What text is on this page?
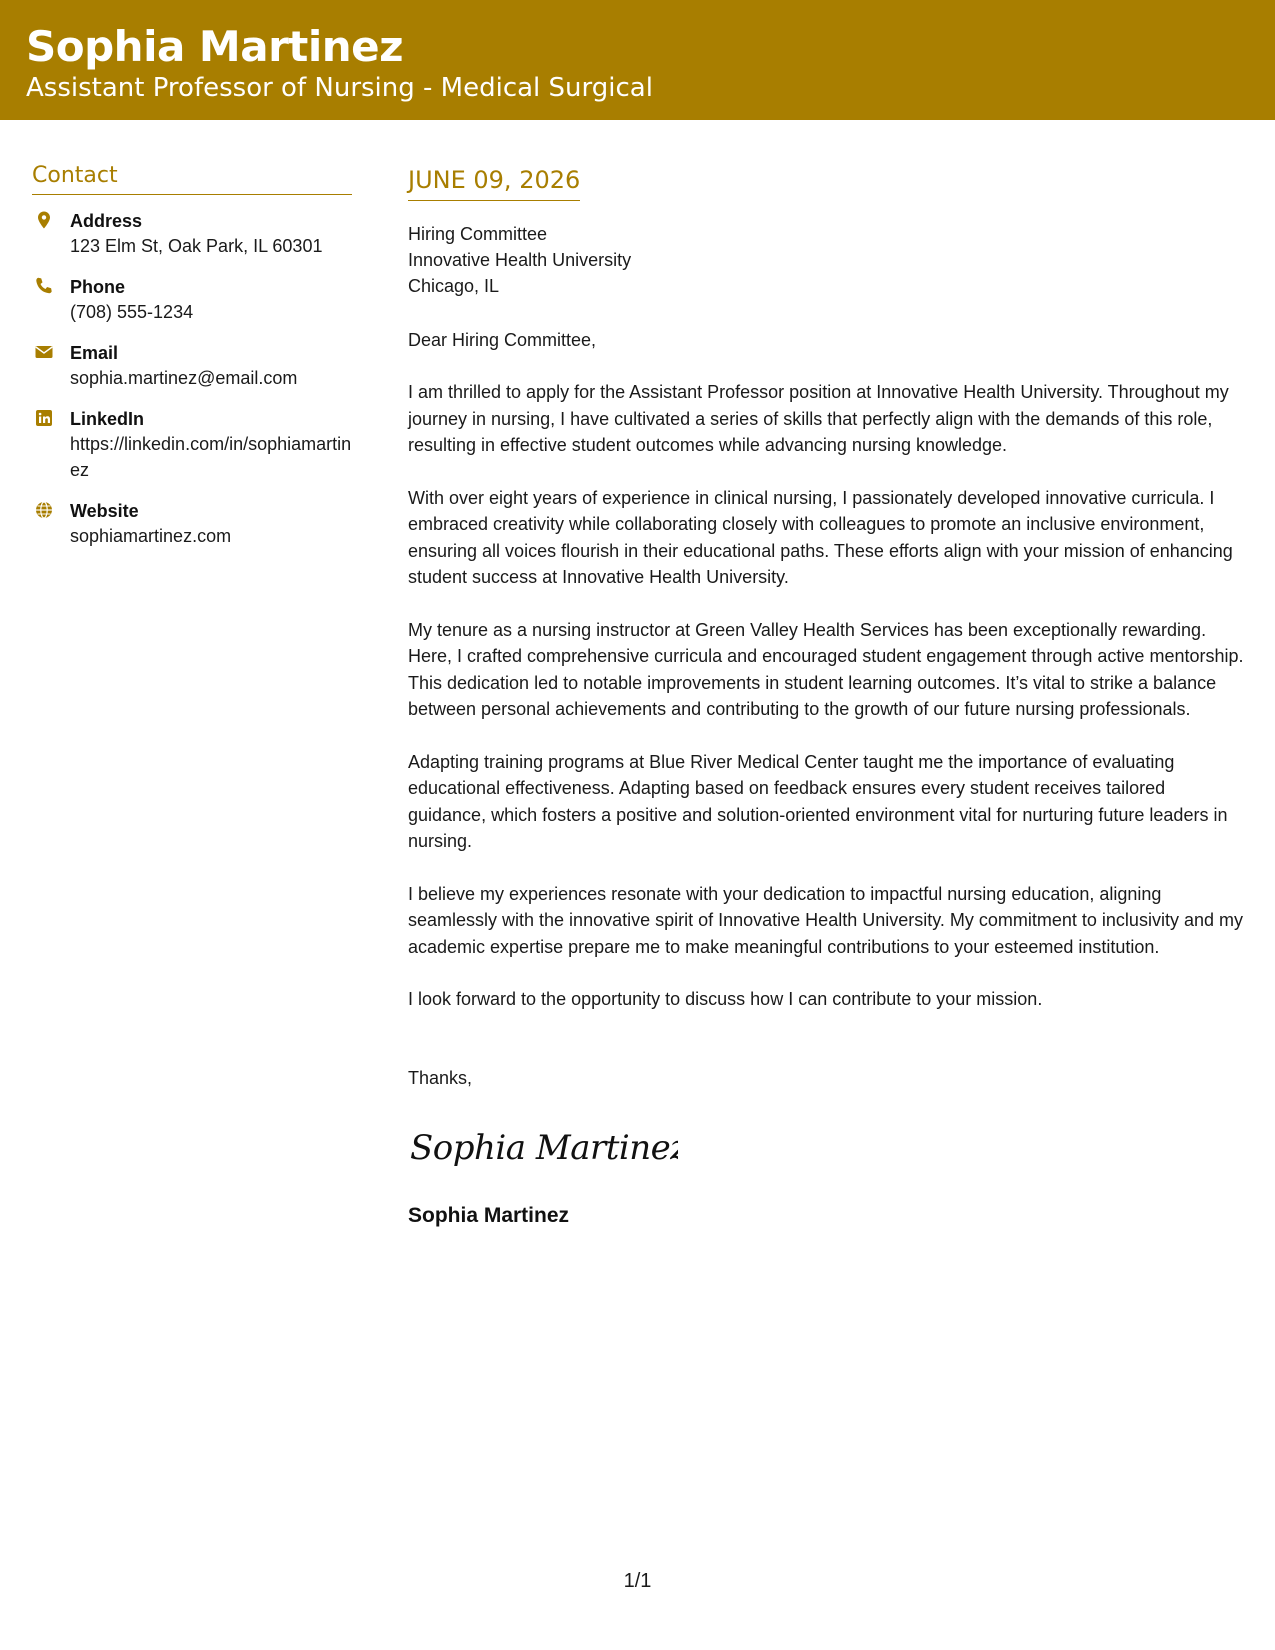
Sophia Martinez
Assistant Professor of Nursing - Medical Surgical
Contact
Address
123 Elm St, Oak Park, IL 60301
Phone
(708) 555-1234
Email
sophia.martinez@email.com
LinkedIn
https://linkedin.com/in/sophiamartinez
Website
sophiamartinez.com
JUNE 09, 2026
Hiring Committee
Innovative Health University
Chicago, IL
Dear Hiring Committee,
I am thrilled to apply for the Assistant Professor position at Innovative Health University. Throughout my journey in nursing, I have cultivated a series of skills that perfectly align with the demands of this role, resulting in effective student outcomes while advancing nursing knowledge.
With over eight years of experience in clinical nursing, I passionately developed innovative curricula. I embraced creativity while collaborating closely with colleagues to promote an inclusive environment, ensuring all voices flourish in their educational paths. These efforts align with your mission of enhancing student success at Innovative Health University.
My tenure as a nursing instructor at Green Valley Health Services has been exceptionally rewarding. Here, I crafted comprehensive curricula and encouraged student engagement through active mentorship. This dedication led to notable improvements in student learning outcomes. It’s vital to strike a balance between personal achievements and contributing to the growth of our future nursing professionals.
Adapting training programs at Blue River Medical Center taught me the importance of evaluating educational effectiveness. Adapting based on feedback ensures every student receives tailored guidance, which fosters a positive and solution-oriented environment vital for nurturing future leaders in nursing.
I believe my experiences resonate with your dedication to impactful nursing education, aligning seamlessly with the innovative spirit of Innovative Health University. My commitment to inclusivity and my academic expertise prepare me to make meaningful contributions to your esteemed institution.
I look forward to the opportunity to discuss how I can contribute to your mission.
Thanks,
Sophia Martinez
Sophia Martinez
1/1
